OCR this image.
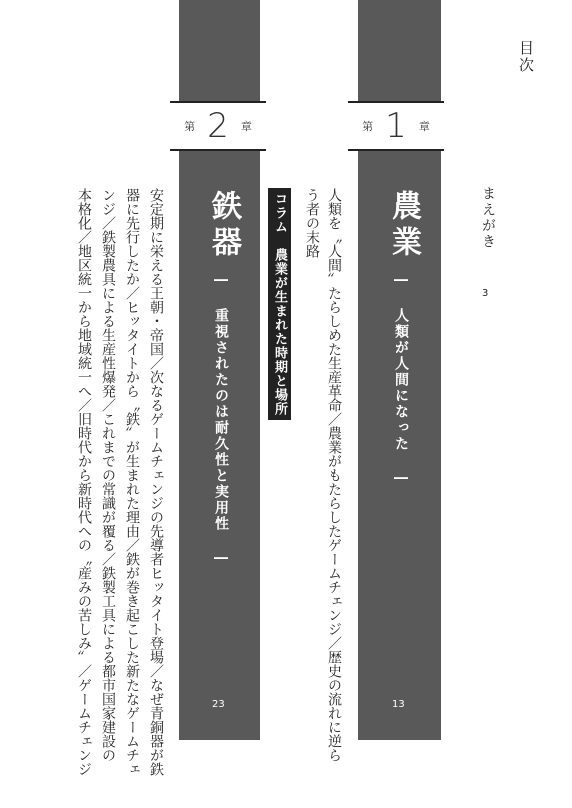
目次
まえがき
3
第 1 章
農業
― 人類が人間になった ―
13
人類を〝人間〟たらしめた生産革命／農業がもたらしたゲームチェンジ／歴史の流れに逆ら
う者の末路
コラム　農業が生まれた時期と場所
第 2 章
鉄器
― 重視されたのは耐久性と実用性 ―
23
安定期に栄える王朝・帝国／次なるゲームチェンジの先導者ヒッタイト登場／なぜ青銅器が鉄
器に先行したか／ヒッタイトから〝鉄〟が生まれた理由／鉄が巻き起こした新たなゲームチェ
ンジ／鉄製農具による生産性爆発／これまでの常識が覆る／鉄製工具による都市国家建設の
本格化／地区統一から地域統一へ／旧時代から新時代への〝産みの苦しみ〟／ゲームチェンジ
